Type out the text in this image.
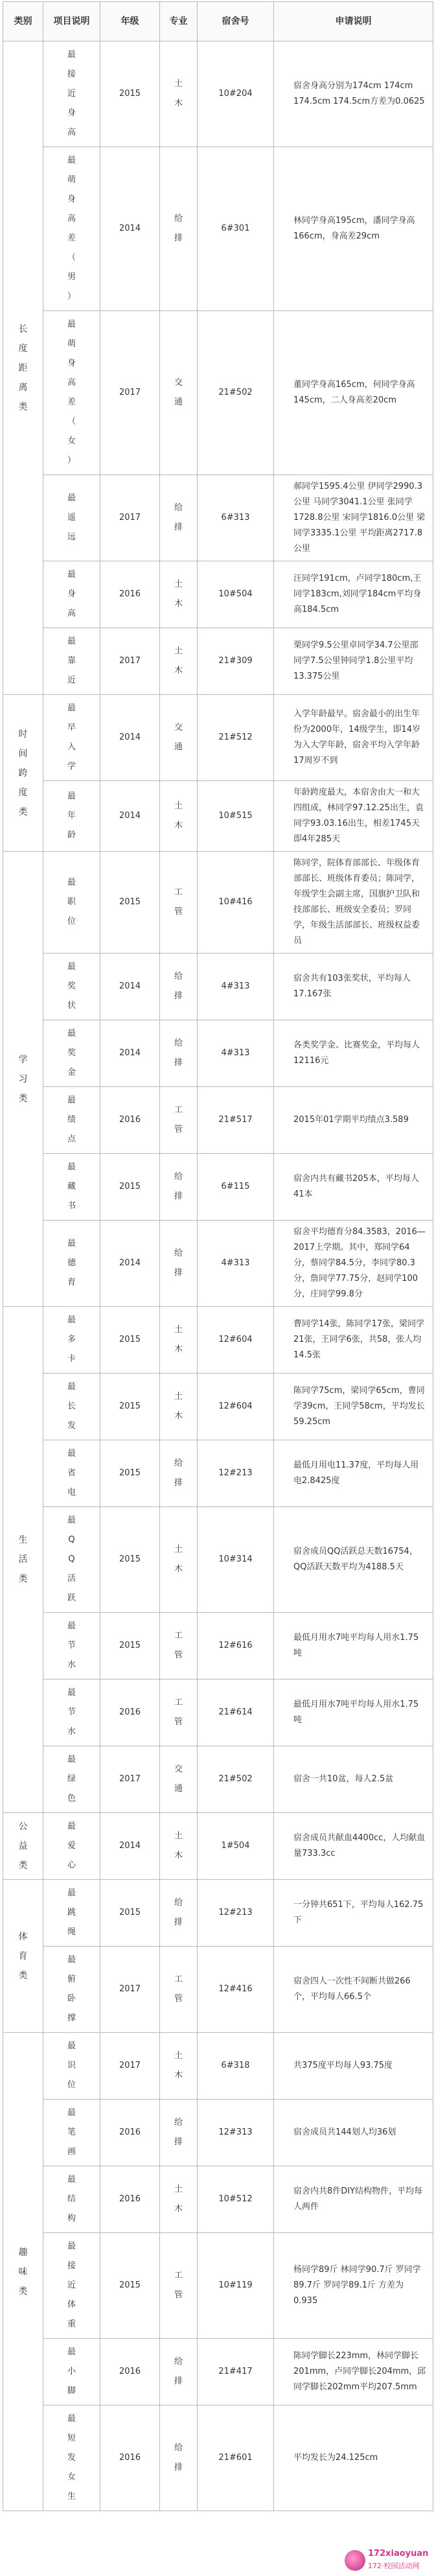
类别	项目说明	年级	专业	宿舍号	申请说明
长度距离类	最接近身高	2015	土木	10#204	宿舍身高分别为174cm 174cm 174.5cm 174.5cm方差为0.0625
	最萌身高差（男）	2014	给排	6#301	林同学身高195cm，潘同学身高166cm，身高差29cm
	最萌身高差（女）	2017	交通	21#502	董同学身高165cm，何同学身高145cm，二人身高差20cm
	最遥远	2017	给排	6#313	郝同学1595.4公里 伊同学2990.3公里 马同学3041.1公里 张同学1728.8公里 宋同学1816.0公里 梁同学3335.1公里 平均距离2717.8公里
	最身高	2016	土木	10#504	汪同学191cm，卢同学180cm,王同学183cm,刘同学184cm平均身高184.5cm
	最靠近	2017	土木	21#309	栗同学9.5公里卓同学34.7公里邵同学7.5公里钟同学1.8公里平均13.375公里
时间跨度类	最早入学	2014	交通	21#512	入学年龄最早。宿舍最小的出生年份为2000年，14级学生，即14岁为入大学年龄，宿舍平均入学年龄17周岁不到
	最年龄	2014	土木	10#515	年龄跨度最大，本宿舍由大一和大四组成，林同学97.12.25出生，袁同学93.03.16出生，相差1745天即4年285天
学习类	最职位	2015	工管	10#416	陈同学，院体育部部长、年级体育部部长、班级体育委员；陈同学，年级学生会副主席，国旗护卫队和技部部长、班级安全委员；罗同学，年级生活部部长、班级权益委员
	最奖状	2014	给排	4#313	宿舍共有103张奖状，平均每人17.167张
	最奖金	2014	给排	4#313	各类奖学金、比赛奖金，平均每人12116元
	最绩点	2016	工管	21#517	2015年01学期平均绩点3.589
	最藏书	2015	给排	6#115	宿舍内共有藏书205本，平均每人41本
	最德育	2014	给排	4#313	宿舍平均德育分84.3583，2016—2017上学期。其中，郑同学64分，蔡同学84.5分，李同学80.3分，詹同学77.75分，赵同学100分，庄同学99.8分
生活类	最多卡	2015	土木	12#604	曹同学14张，陈同学17张，梁同学21张，王同学6张，共58，张人均14.5张
	最长发	2015	土木	12#604	陈同学75cm，梁同学65cm，曹同学39cm，王同学58cm，平均发长59.25cm
	最省电	2015	给排	12#213	最低月用电11.37度，平均每人用电2.8425度
	最QQ活跃	2015	土木	10#314	宿舍成员QQ活跃总天数16754，QQ活跃天数平均为4188.5天
	最节水	2015	工管	12#616	最低月用水7吨平均每人用水1.75吨
	最节水	2016	工管	21#614	最低月用水7吨平均每人用水1.75吨
	最绿色	2017	交通	21#502	宿舍一共10盆，每人2.5盆
公益类	最爱心	2014	土木	1#504	宿舍成员共献血4400cc，人均献血量733.3cc
体育类	最跳绳	2015	给排	12#213	一分钟共651下，平均每人162.75下
	最俯卧撑	2017	工管	12#416	宿舍四人一次性不间断共做266个，平均每人66.5个
趣味类	最识位	2017	土木	6#318	共375度平均每人93.75度
	最笔画	2016	给排	12#313	宿舍成员共144划人均36划
	最结构	2016	土木	10#512	宿舍内共8件DIY结构物件，平均每人两件
	最接近体重	2015	工管	10#119	杨同学89斤 林同学90.7斤 罗同学89.7斤 罗同学89.1斤 方差为0.935
	最小脚	2016	给排	21#417	陈同学脚长223mm，林同学脚长201mm，卢同学脚长204mm，邱同学脚长202mm平均207.5mm
	最短发女生	2016	给排	21#601	平均发长为24.125cm
172xiaoyuan
172·校园活动网
